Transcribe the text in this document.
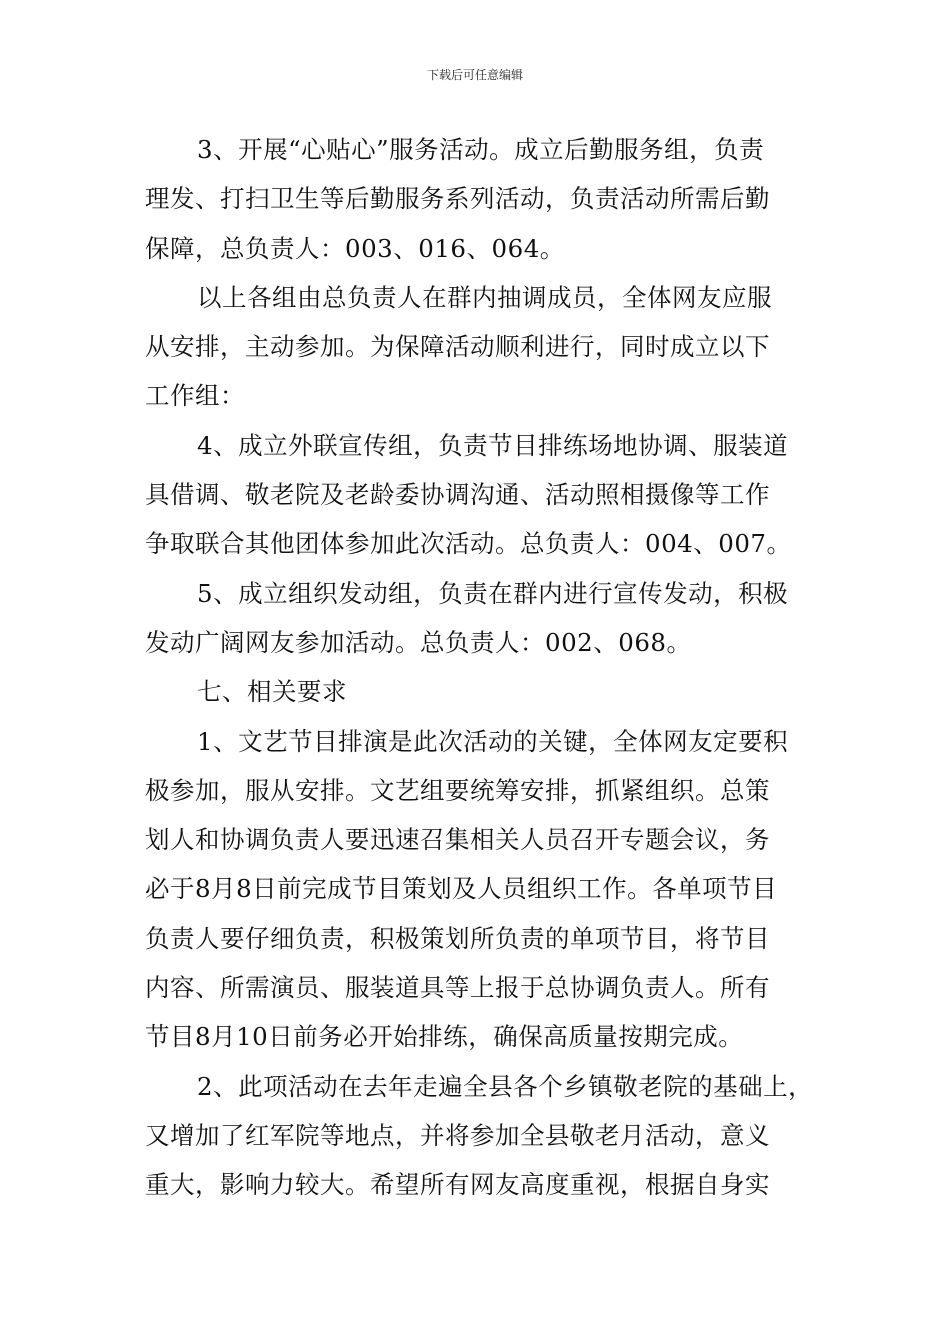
下载后可任意编辑
3、开展“心贴心”服务活动。成立后勤服务组，负责
理发、打扫卫生等后勤服务系列活动，负责活动所需后勤
保障，总负责人：003、016、064。
以上各组由总负责人在群内抽调成员，全体网友应服
从安排，主动参加。为保障活动顺利进行，同时成立以下
工作组：
4、成立外联宣传组，负责节目排练场地协调、服装道
具借调、敬老院及老龄委协调沟通、活动照相摄像等工作
争取联合其他团体参加此次活动。总负责人：004、007。
5、成立组织发动组，负责在群内进行宣传发动，积极
发动广阔网友参加活动。总负责人：002、068。
七、相关要求
1、文艺节目排演是此次活动的关键，全体网友定要积
极参加，服从安排。文艺组要统筹安排，抓紧组织。总策
划人和协调负责人要迅速召集相关人员召开专题会议，务
必于8月8日前完成节目策划及人员组织工作。各单项节目
负责人要仔细负责，积极策划所负责的单项节目，将节目
内容、所需演员、服装道具等上报于总协调负责人。所有
节目8月10日前务必开始排练，确保高质量按期完成。
2、此项活动在去年走遍全县各个乡镇敬老院的基础上，
又增加了红军院等地点，并将参加全县敬老月活动，意义
重大，影响力较大。希望所有网友高度重视，根据自身实
